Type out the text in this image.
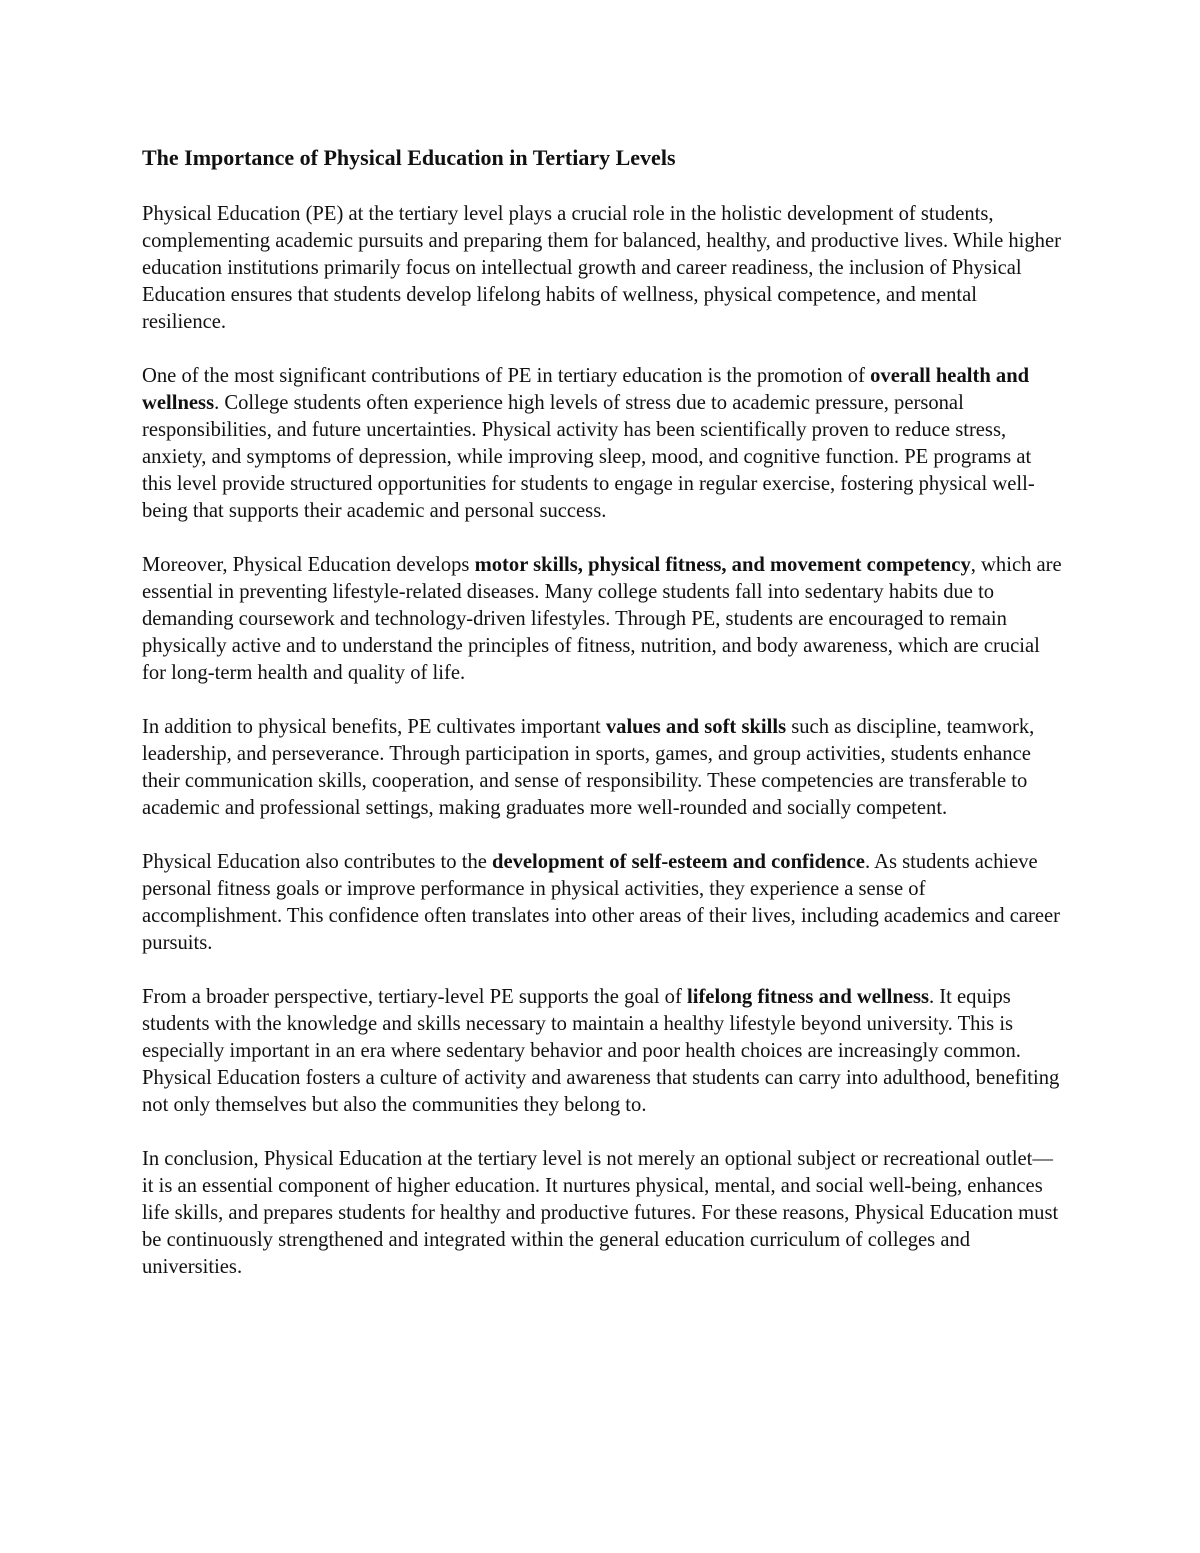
The Importance of Physical Education in Tertiary Levels

Physical Education (PE) at the tertiary level plays a crucial role in the holistic development of students, complementing academic pursuits and preparing them for balanced, healthy, and productive lives. While higher education institutions primarily focus on intellectual growth and career readiness, the inclusion of Physical Education ensures that students develop lifelong habits of wellness, physical competence, and mental resilience.

One of the most significant contributions of PE in tertiary education is the promotion of overall health and wellness. College students often experience high levels of stress due to academic pressure, personal responsibilities, and future uncertainties. Physical activity has been scientifically proven to reduce stress, anxiety, and symptoms of depression, while improving sleep, mood, and cognitive function. PE programs at this level provide structured opportunities for students to engage in regular exercise, fostering physical well-being that supports their academic and personal success.

Moreover, Physical Education develops motor skills, physical fitness, and movement competency, which are essential in preventing lifestyle-related diseases. Many college students fall into sedentary habits due to demanding coursework and technology-driven lifestyles. Through PE, students are encouraged to remain physically active and to understand the principles of fitness, nutrition, and body awareness, which are crucial for long-term health and quality of life.

In addition to physical benefits, PE cultivates important values and soft skills such as discipline, teamwork, leadership, and perseverance. Through participation in sports, games, and group activities, students enhance their communication skills, cooperation, and sense of responsibility. These competencies are transferable to academic and professional settings, making graduates more well-rounded and socially competent.

Physical Education also contributes to the development of self-esteem and confidence. As students achieve personal fitness goals or improve performance in physical activities, they experience a sense of accomplishment. This confidence often translates into other areas of their lives, including academics and career pursuits.

From a broader perspective, tertiary-level PE supports the goal of lifelong fitness and wellness. It equips students with the knowledge and skills necessary to maintain a healthy lifestyle beyond university. This is especially important in an era where sedentary behavior and poor health choices are increasingly common. Physical Education fosters a culture of activity and awareness that students can carry into adulthood, benefiting not only themselves but also the communities they belong to.

In conclusion, Physical Education at the tertiary level is not merely an optional subject or recreational outlet—it is an essential component of higher education. It nurtures physical, mental, and social well-being, enhances life skills, and prepares students for healthy and productive futures. For these reasons, Physical Education must be continuously strengthened and integrated within the general education curriculum of colleges and universities.
